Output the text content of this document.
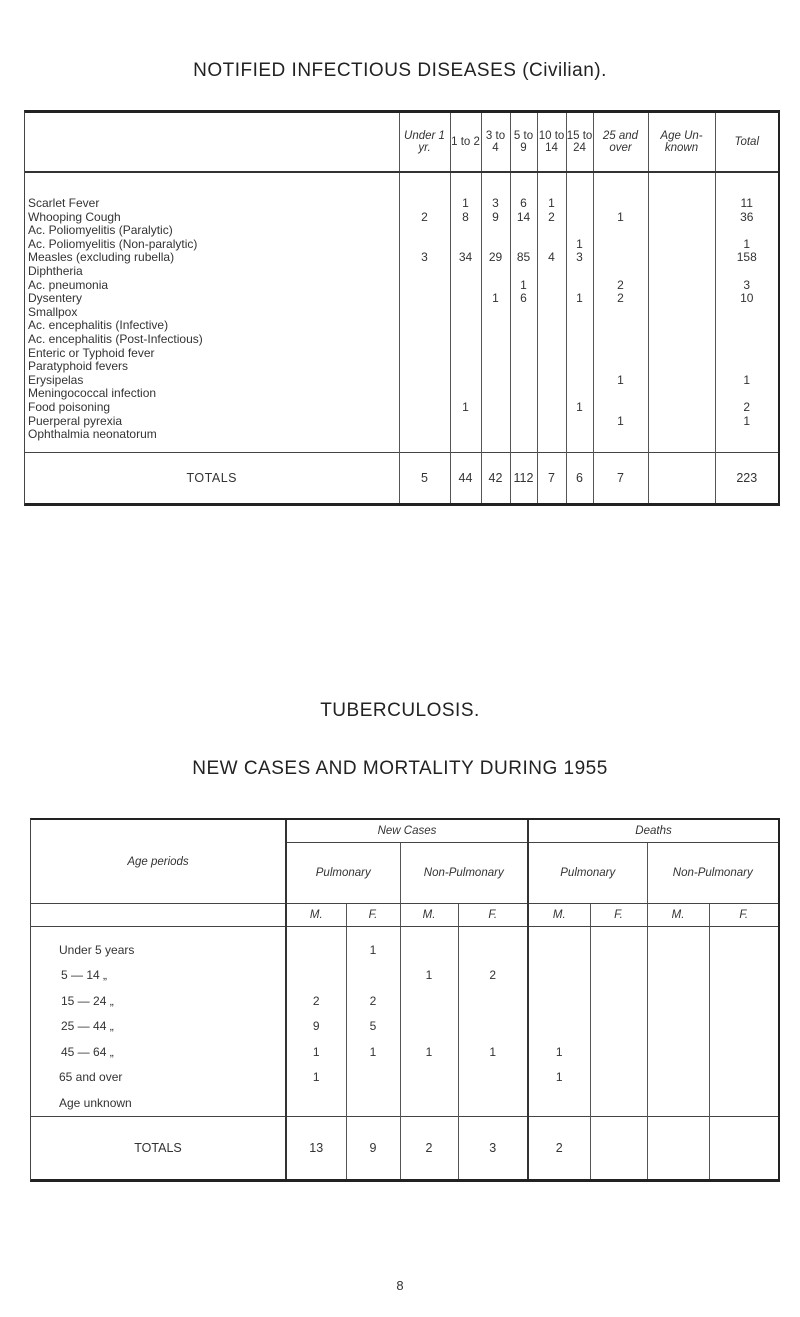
NOTIFIED INFECTIOUS DISEASES (Civilian).
	Under 1 yr.	1 to 2	3 to 4	5 to 9	10 to 14	15 to 24	25 and over	Age Un-known	Total
Scarlet Fever		1	3	6	1				11
Whooping Cough	2	8	9	14	2		1		36
Ac. Poliomyelitis (Paralytic)									
Ac. Poliomyelitis (Non-paralytic)						1			1
Measles (excluding rubella)	3	34	29	85	4	3			158
Diphtheria									
Ac. pneumonia				1			2		3
Dysentery			1	6		1	2		10
Smallpox									
Ac. encephalitis (Infective)									
Ac. encephalitis (Post-Infectious)									
Enteric or Typhoid fever									
Paratyphoid fevers									
Erysipelas							1		1
Meningococcal infection									
Food poisoning		1				1			2
Puerperal pyrexia							1		1
Ophthalmia neonatorum									

TOTALS	5	44	42	112	7	6	7		223
TUBERCULOSIS.
NEW CASES AND MORTALITY DURING 1955
Age periods	New Cases				Deaths			
	Pulmonary		Non-Pulmonary		Pulmonary		Non-Pulmonary	
	M.	F.	M.	F.	M.	F.	M.	F.
Under 5 years		1						
5 — 14 „			1	2				
15 — 24 „	2	2						
25 — 44 „	9	5						
45 — 64 „	1	1	1	1	1			
65 and over	1				1			
Age unknown								
TOTALS	13	9	2	3	2			
8
